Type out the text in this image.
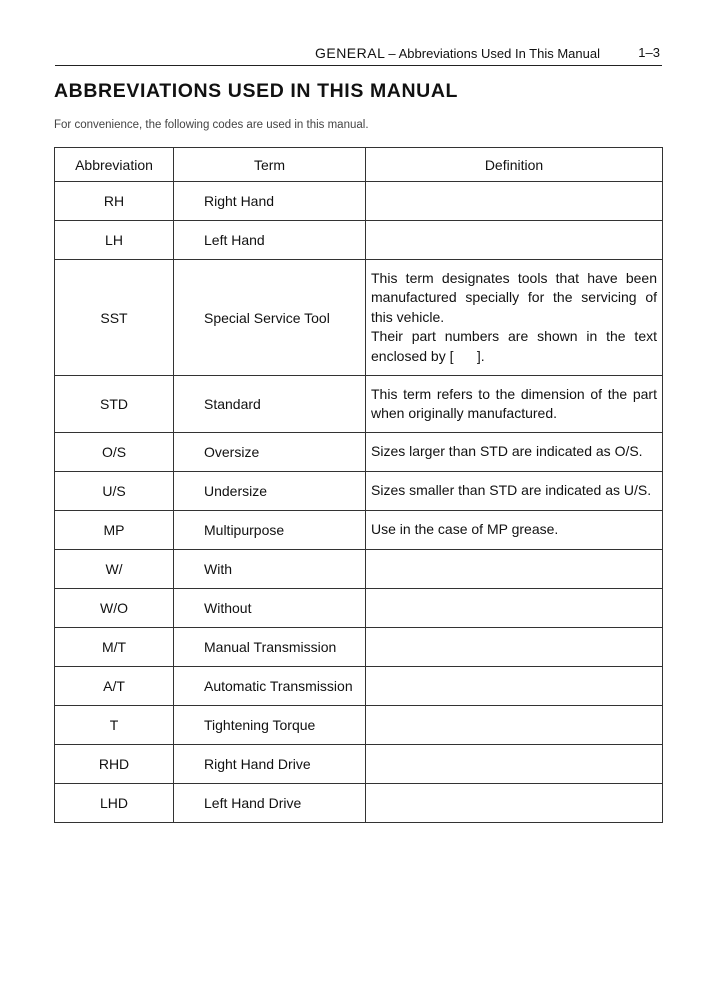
GENERAL – Abbreviations Used In This Manual	1–3
ABBREVIATIONS USED IN THIS MANUAL
For convenience, the following codes are used in this manual.
Abbreviation	Term	Definition
RH	Right Hand	
LH	Left Hand	
SST	Special Service Tool	This term designates tools that have been manufactured specially for the servicing of this vehicle.
Their part numbers are shown in the text enclosed by [      ].

STD	Standard	This term refers to the dimension of the part when originally manufactured.
O/S	Oversize	Sizes larger than STD are indicated as O/S.
U/S	Undersize	Sizes smaller than STD are indicated as U/S.
MP	Multipurpose	Use in the case of MP grease.
W/	With	
W/O	Without	
M/T	Manual Transmission	
A/T	Automatic Transmission	
T	Tightening Torque	
RHD	Right Hand Drive	
LHD	Left Hand Drive	
